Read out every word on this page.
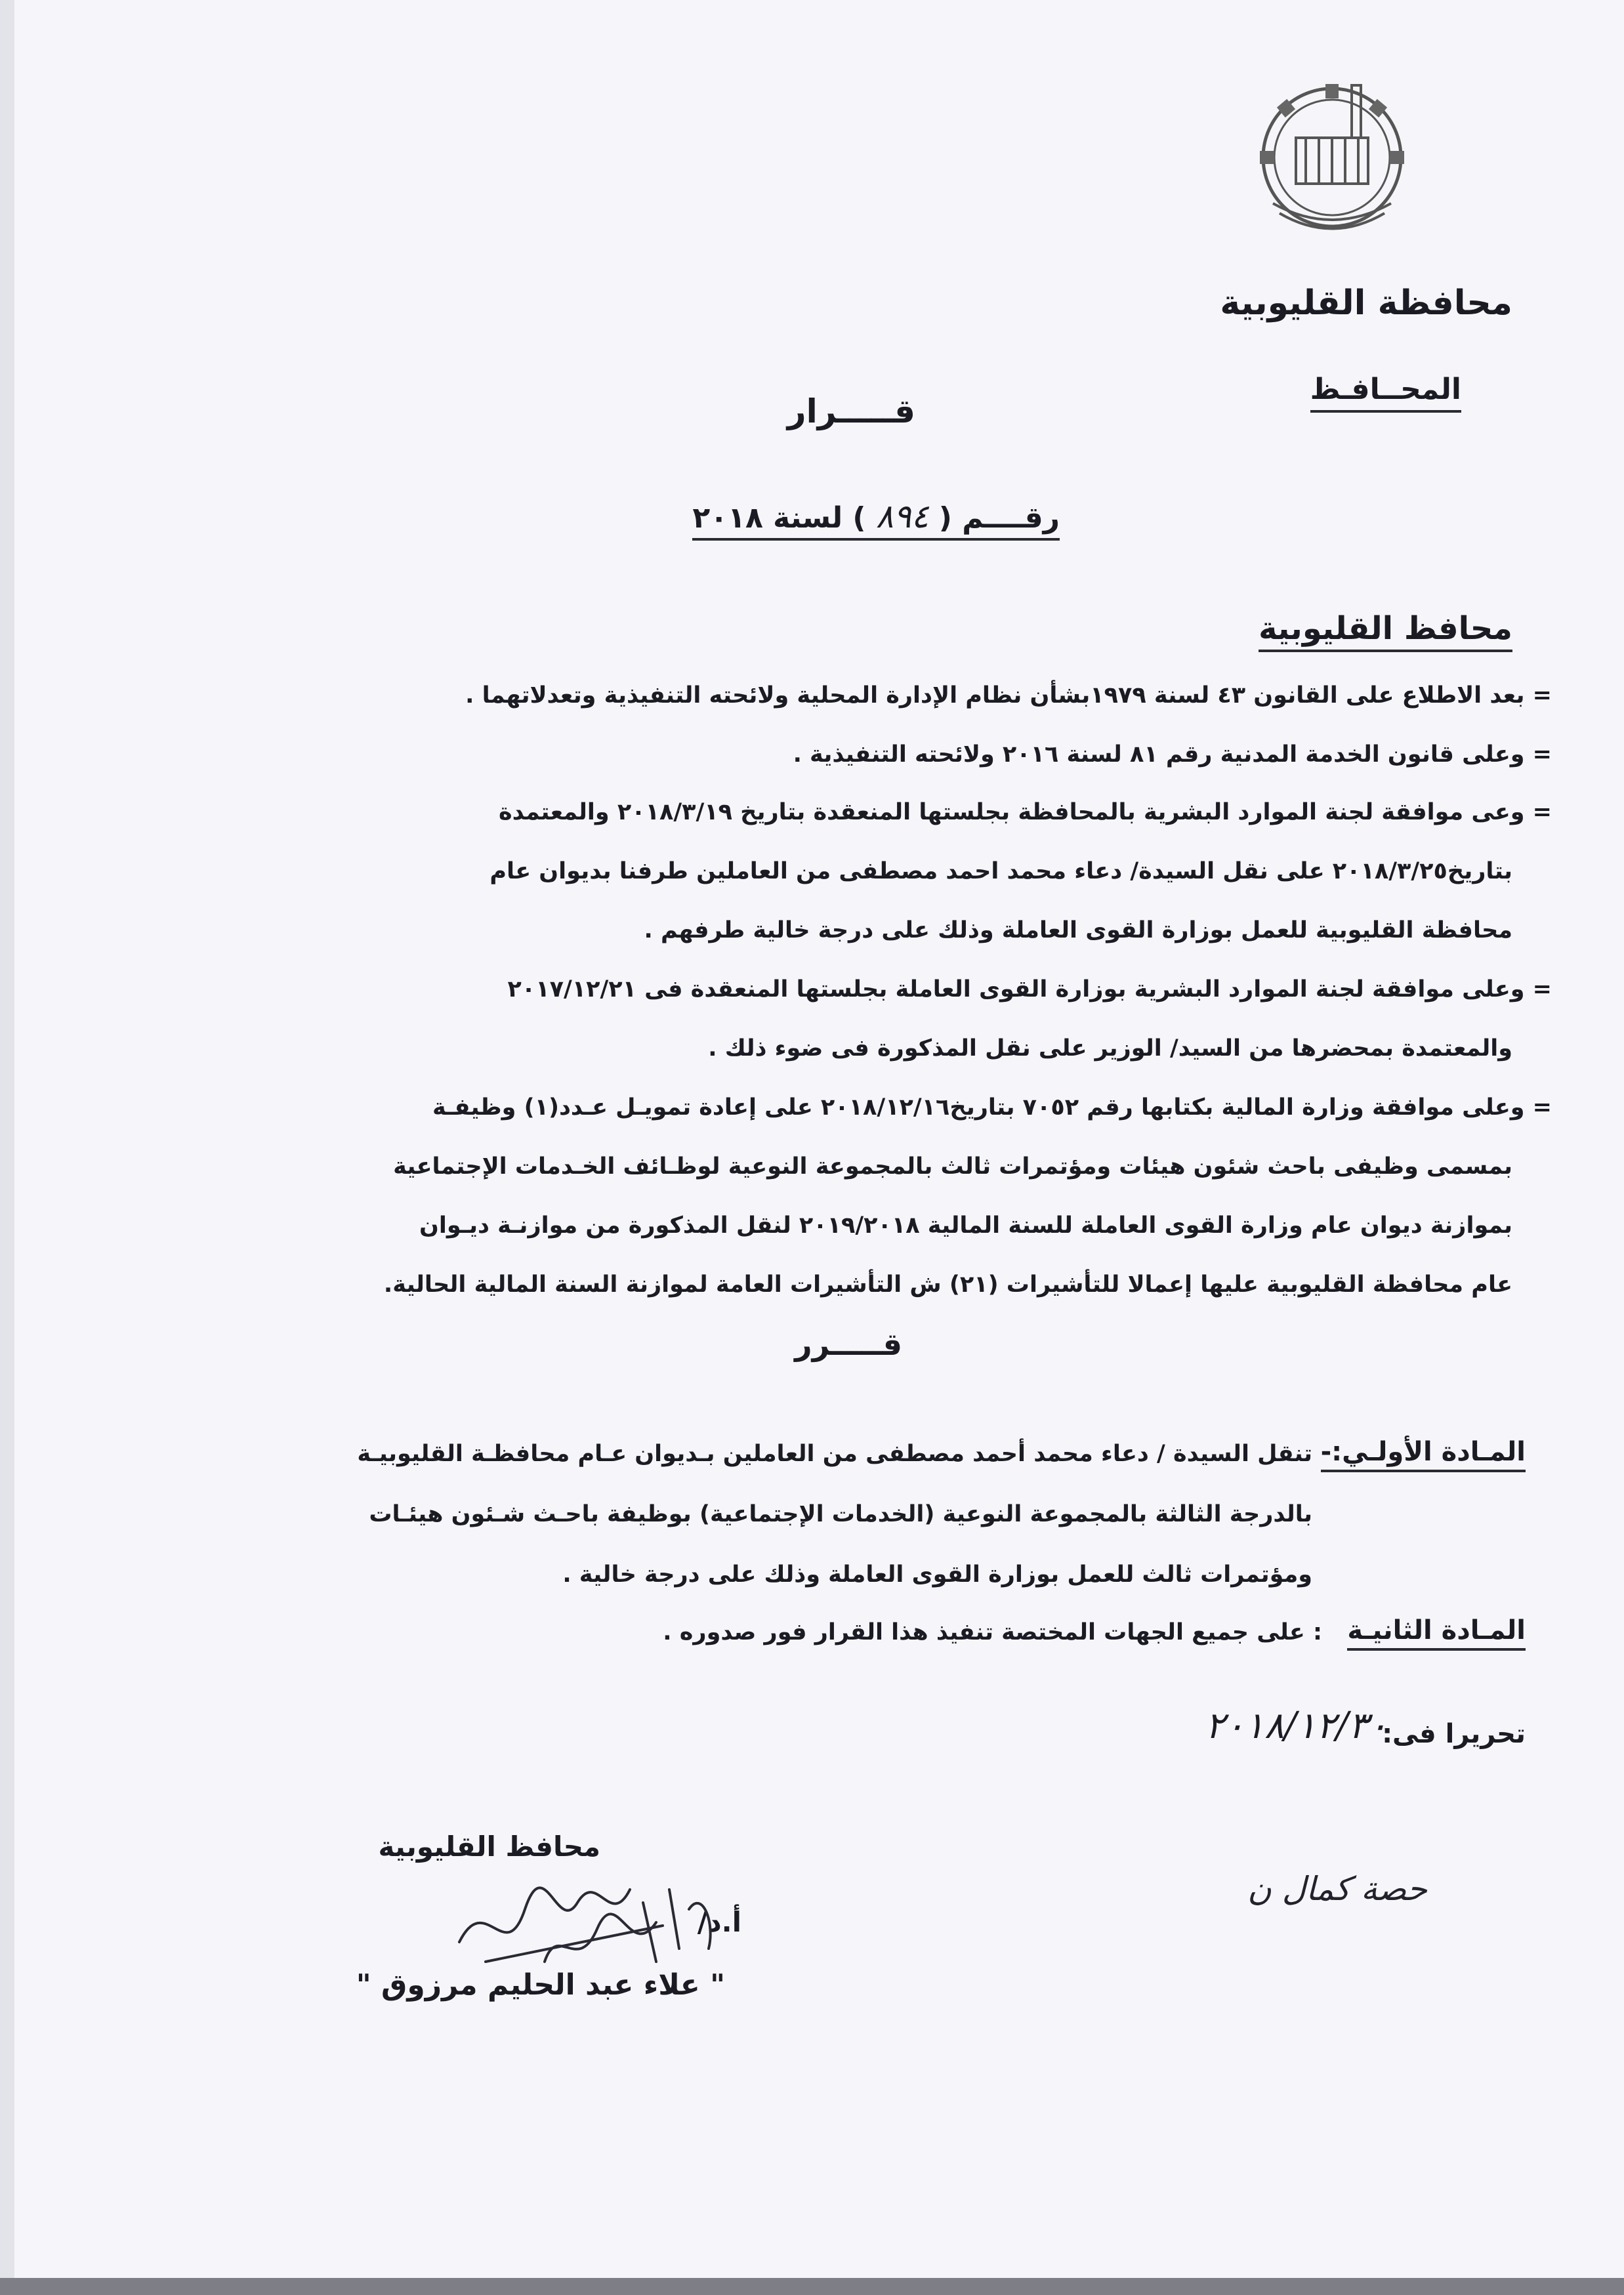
محافظة القليوبية
المحــافـظ
قـــــرار
رقــــم ( ٨٩٤ ) لسنة ٢٠١٨
محافظ القليوبية
= بعد الاطلاع على القانون ٤٣ لسنة ١٩٧٩بشأن نظام الإدارة المحلية ولائحته التنفيذية وتعدلاتهما .
= وعلى قانون الخدمة المدنية رقم ٨١ لسنة ٢٠١٦ ولائحته التنفيذية .
= وعى موافقة لجنة الموارد البشرية بالمحافظة بجلستها المنعقدة بتاريخ ٢٠١٨/٣/١٩ والمعتمدة
بتاريخ٢٠١٨/٣/٢٥ على نقل السيدة/ دعاء محمد احمد مصطفى من العاملين طرفنا بديوان عام
محافظة القليوبية للعمل بوزارة القوى العاملة وذلك على درجة خالية طرفهم .
= وعلى موافقة لجنة الموارد البشرية بوزارة القوى العاملة بجلستها المنعقدة فى ٢٠١٧/١٢/٢١
والمعتمدة بمحضرها من السيد/ الوزير على نقل المذكورة فى ضوء ذلك .
= وعلى موافقة وزارة المالية بكتابها رقم ٧٠٥٢ بتاريخ٢٠١٨/١٢/١٦ على إعادة تمويـل عـدد(١) وظيفـة
بمسمى وظيفى باحث شئون هيئات ومؤتمرات ثالث بالمجموعة النوعية لوظـائف الخـدمات الإجتماعية
بموازنة ديوان عام وزارة القوى العاملة للسنة المالية ٢٠١٩/٢٠١٨ لنقل المذكورة من موازنـة ديـوان
عام محافظة القليوبية عليها إعمالا للتأشيرات (٢١) ش التأشيرات العامة لموازنة السنة المالية الحالية.
قـــــرر
المـادة الأولـي:-
تنقل السيدة / دعاء محمد أحمد مصطفى من العاملين بـديوان عـام محافظـة القليوبيـة
بالدرجة الثالثة بالمجموعة النوعية (الخدمات الإجتماعية) بوظيفة باحـث شـئون هيئـات
ومؤتمرات ثالث للعمل بوزارة القوى العاملة وذلك على درجة خالية .
المـادة الثانيـة
: على جميع الجهات المختصة تنفيذ هذا القرار فور صدوره .
تحريرا فى:
٢٠١٨/١٢/٣٠
محافظ القليوبية
أ.د/
" علاء عبد الحليم مرزوق "
حصة كمال ن
